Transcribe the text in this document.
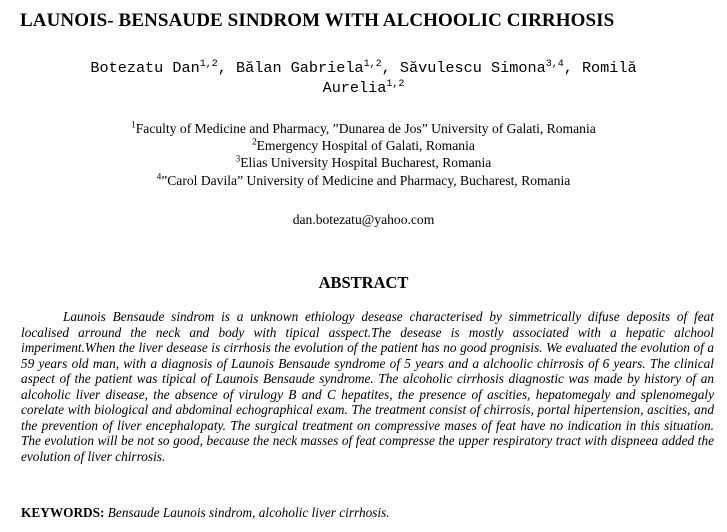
LAUNOIS- BENSAUDE SINDROM WITH ALCHOOLIC CIRRHOSIS
Botezatu Dan$^{1,2}$, Bălan Gabriela$^{1,2}$, Săvulescu Simona$^{3,4}$, Romilă
Aurelia$^{1,2}$
$^1$Faculty of Medicine and Pharmacy, ”Dunarea de Jos” University of Galati, Romania
$^2$Emergency Hospital of Galati, Romania
$^3$Elias University Hospital Bucharest, Romania
$^4$”Carol Davila” University of Medicine and Pharmacy, Bucharest, Romania
dan.botezatu@yahoo.com
ABSTRACT
Launois Bensaude sindrom is a unknown ethiology desease characterised by simmetrically difuse deposits of feat localised arround the neck and body with tipical asspect.The desease is mostly associated with a hepatic alchool imperiment.When the liver desease is cirrhosis the evolution of the patient has no good prognisis. We evaluated the evolution of a 59 years old man, with a diagnosis of Launois Bensaude syndrome of 5 years and a alchoolic chirrosis of 6 years. The clinical aspect of the patient was tipical of Launois Bensaude syndrome. The alcoholic cirrhosis diagnostic was made by history of an alcoholic liver disease, the absence of virulogy B and C hepatites, the presence of ascities, hepatomegaly and splenomegaly corelate with biological and abdominal echographical exam. The treatment consist of chirrosis, portal hipertension, ascities, and the prevention of liver encephalopaty. The surgical treatment on compressive mases of feat have no indication in this situation. The evolution will be not so good, because the neck masses of feat compresse the upper respiratory tract with dispneea added the evolution of liver chirrosis.
KEYWORDS: Bensaude Launois sindrom, alcoholic liver cirrhosis.
